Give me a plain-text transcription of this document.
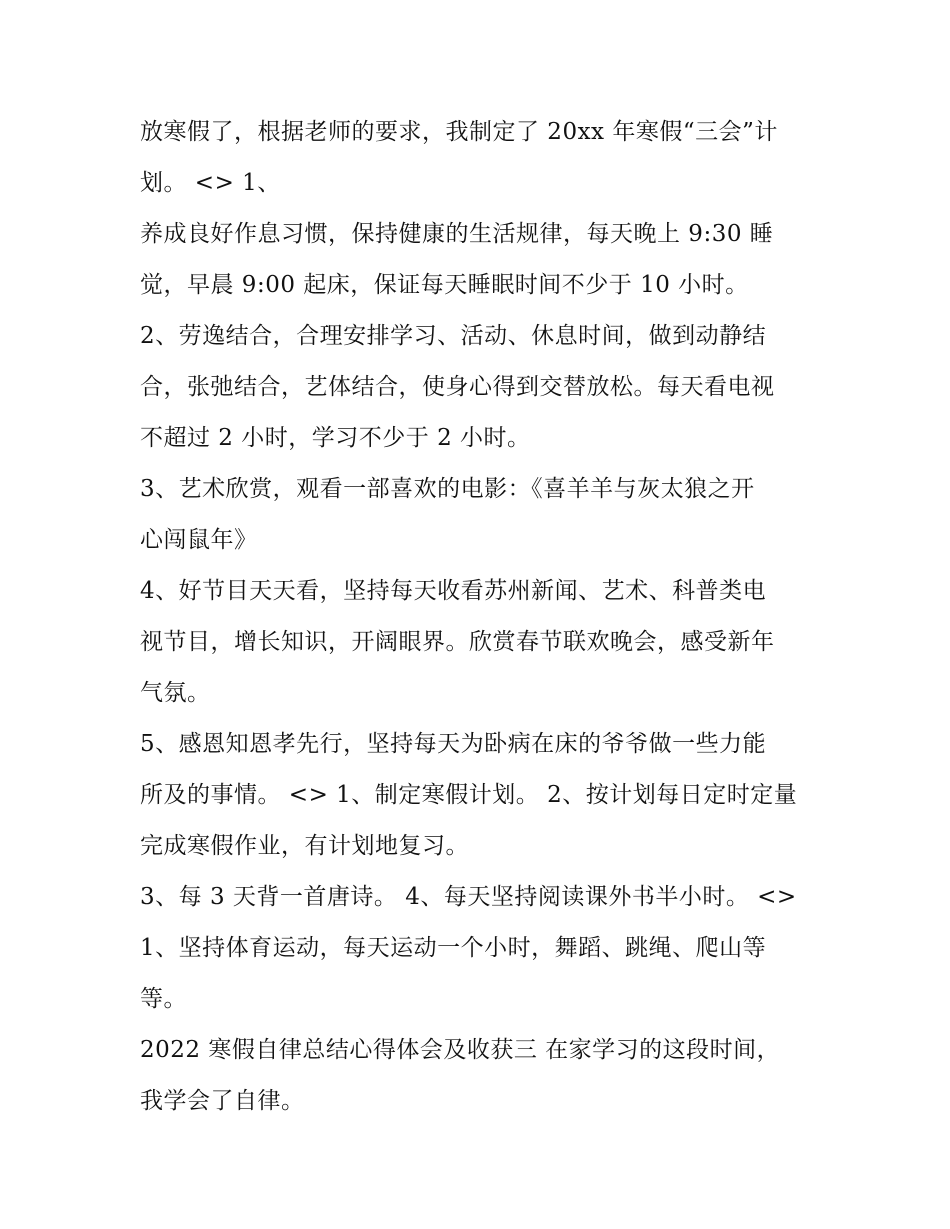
放寒假了，根据老师的要求，我制定了 20xx 年寒假“三会”计
划。 <> 1、
养成良好作息习惯，保持健康的生活规律，每天晚上 9:30 睡
觉，早晨 9:00 起床，保证每天睡眠时间不少于 10 小时。
2、劳逸结合，合理安排学习、活动、休息时间，做到动静结
合，张弛结合，艺体结合，使身心得到交替放松。每天看电视
不超过 2 小时，学习不少于 2 小时。
3、艺术欣赏，观看一部喜欢的电影：《喜羊羊与灰太狼之开
心闯鼠年》
4、好节目天天看，坚持每天收看苏州新闻、艺术、科普类电
视节目，增长知识，开阔眼界。欣赏春节联欢晚会，感受新年
气氛。
5、感恩知恩孝先行，坚持每天为卧病在床的爷爷做一些力能
所及的事情。 <> 1、制定寒假计划。 2、按计划每日定时定量
完成寒假作业，有计划地复习。
3、每 3 天背一首唐诗。 4、每天坚持阅读课外书半小时。 <>
1、坚持体育运动，每天运动一个小时，舞蹈、跳绳、爬山等
等。
2022 寒假自律总结心得体会及收获三 在家学习的这段时间，
我学会了自律。
